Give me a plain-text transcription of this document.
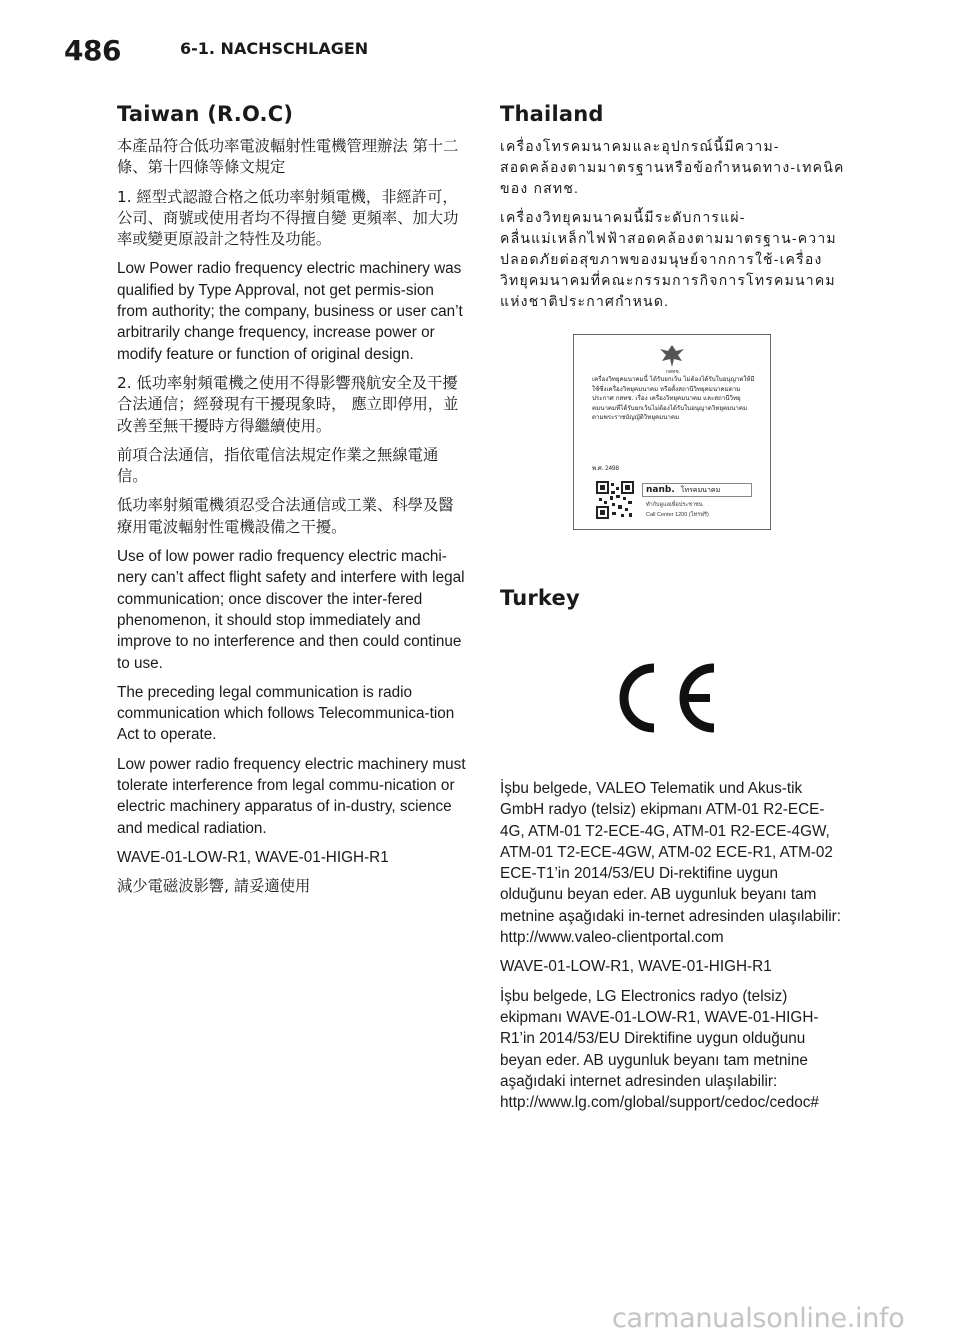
486	6-1. NACHSCHLAGEN
Taiwan (R.O.C)

本產品符合低功率電波輻射性電機管理辦法 第十二條、第十四條等條文規定

1. 經型式認證合格之低功率射頻電機，非經許可，公司、商號或使用者均不得擅自變 更頻率、加大功率或變更原設計之特性及功能。

Low Power radio frequency electric machinery was qualified by Type Approval, not get permis-sion from authority; the company, business or user can’t arbitrarily change frequency, increase power or modify feature or function of original design.

2. 低功率射頻電機之使用不得影響飛航安全及干擾合法通信；經發現有干擾現象時， 應立即停用，並改善至無干擾時方得繼續使用。

前項合法通信，指依電信法規定作業之無線電通信。

低功率射頻電機須忍受合法通信或工業、科學及醫療用電波輻射性電機設備之干擾。

Use of low power radio frequency electric machi-nery can’t affect flight safety and interfere with legal communication; once discover the inter-fered phenomenon, it should stop immediately and improve to no interference and then could continue to use.

The preceding legal communication is radio communication which follows Telecommunica-tion Act to operate.

Low power radio frequency electric machinery must tolerate interference from legal commu-nication or electric machinery apparatus of in-dustry, science and medical radiation.

WAVE-01-LOW-R1, WAVE-01-HIGH-R1

減少電磁波影響, 請妥適使用

Thailand

เครื่องโทรคมนาคมและอุปกรณ์นี้มีความ-สอดคล้องตามมาตรฐานหรือข้อกำหนดทาง-เทคนิคของ กสทช.

เครื่องวิทยุคมนาคมนี้มีระดับการแผ่-คลื่นแม่เหล็กไฟฟ้าสอดคล้องตามมาตรฐาน-ความปลอดภัยต่อสุขภาพของมนุษย์จากการใช้-เครื่องวิทยุคมนาคมที่คณะกรรมการกิจการโทรคมนาคมแห่งชาติประกาศกำหนด.

กสทช.
เครื่องวิทยุคมนาคมนี้ ได้รับยกเว้น ไม่ต้องได้รับใบอนุญาตให้มี ใช้ซึ่งเครื่องวิทยุคมนาคม หรือตั้งสถานีวิทยุคมนาคมตามประกาศ กสทช. เรื่อง เครื่องวิทยุคมนาคม และสถานีวิทยุคมนาคมที่ได้รับยกเว้นไม่ต้องได้รับใบอนุญาตวิทยุคมนาคมตามพระราชบัญญัติวิทยุคมนาคม
พ.ศ. 2498
nanb. โทรคมนาคม
ทำกับดูแลเพื่อประชาชน
Call Center 1200 (โทรฟรี)
Turkey

İşbu belgede, VALEO Telematik und Akus-tik GmbH radyo (telsiz) ekipmanı ATM-01 R2-ECE-4G, ATM-01 T2-ECE-4G, ATM-01 R2-ECE-4GW, ATM-01 T2-ECE-4GW, ATM-02 ECE-R1, ATM-02 ECE-T1’in 2014/53/EU Di-rektifine uygun olduğunu beyan eder. AB uygunluk beyanı tam metnine aşağıdaki in-ternet adresinden ulaşılabilir: http://www.valeo-clientportal.com

WAVE-01-LOW-R1, WAVE-01-HIGH-R1

İşbu belgede, LG Electronics radyo (telsiz) ekipmanı WAVE-01-LOW-R1, WAVE-01-HIGH-R1’in 2014/53/EU Direktifine uygun olduğunu beyan eder. AB uygunluk beyanı tam metnine aşağıdaki internet adresinden ulaşılabilir: http://www.lg.com/global/support/cedoc/cedoc#

carmanualsonline.info
